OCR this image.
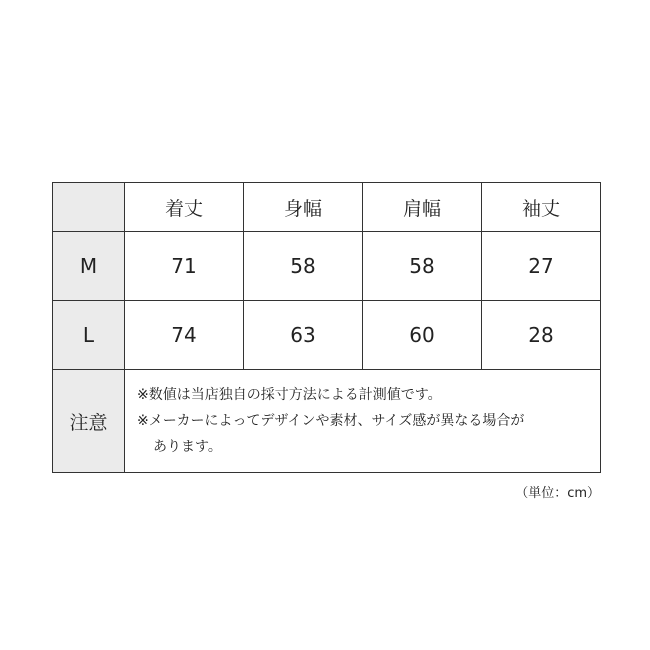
	着丈	身幅	肩幅	袖丈
M	71	58	58	27
L	74	63	60	28
注意	※数値は当店独自の採寸方法による計測値です。
※メーカーによってデザインや素材、サイズ感が異なる場合が
あります。			
（単位：cm）
